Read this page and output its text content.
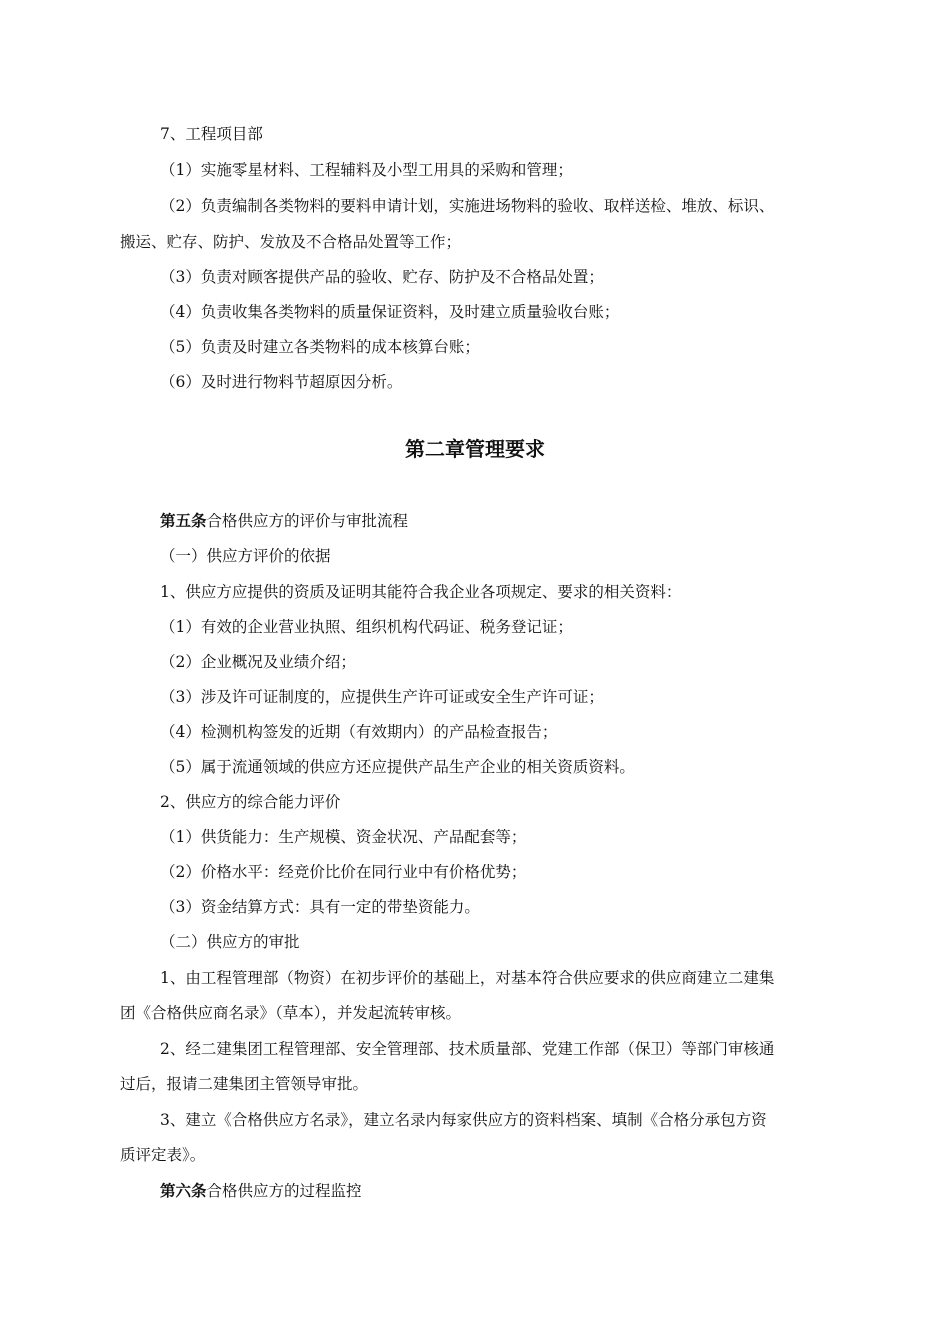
7、工程项目部
（1）实施零星材料、工程辅料及小型工用具的采购和管理；
（2）负责编制各类物料的要料申请计划，实施进场物料的验收、取样送检、堆放、标识、
搬运、贮存、防护、发放及不合格品处置等工作；
（3）负责对顾客提供产品的验收、贮存、防护及不合格品处置；
（4）负责收集各类物料的质量保证资料，及时建立质量验收台账；
（5）负责及时建立各类物料的成本核算台账；
（6）及时进行物料节超原因分析。
第二章管理要求
第五条合格供应方的评价与审批流程
（一）供应方评价的依据
1、供应方应提供的资质及证明其能符合我企业各项规定、要求的相关资料：
（1）有效的企业营业执照、组织机构代码证、税务登记证；
（2）企业概况及业绩介绍；
（3）涉及许可证制度的，应提供生产许可证或安全生产许可证；
（4）检测机构签发的近期（有效期内）的产品检查报告；
（5）属于流通领域的供应方还应提供产品生产企业的相关资质资料。
2、供应方的综合能力评价
（1）供货能力：生产规模、资金状况、产品配套等；
（2）价格水平：经竞价比价在同行业中有价格优势；
（3）资金结算方式：具有一定的带垫资能力。
（二）供应方的审批
1、由工程管理部（物资）在初步评价的基础上，对基本符合供应要求的供应商建立二建集
团《合格供应商名录》（草本），并发起流转审核。
2、经二建集团工程管理部、安全管理部、技术质量部、党建工作部（保卫）等部门审核通
过后，报请二建集团主管领导审批。
3、建立《合格供应方名录》，建立名录内每家供应方的资料档案、填制《合格分承包方资
质评定表》。
第六条合格供应方的过程监控
